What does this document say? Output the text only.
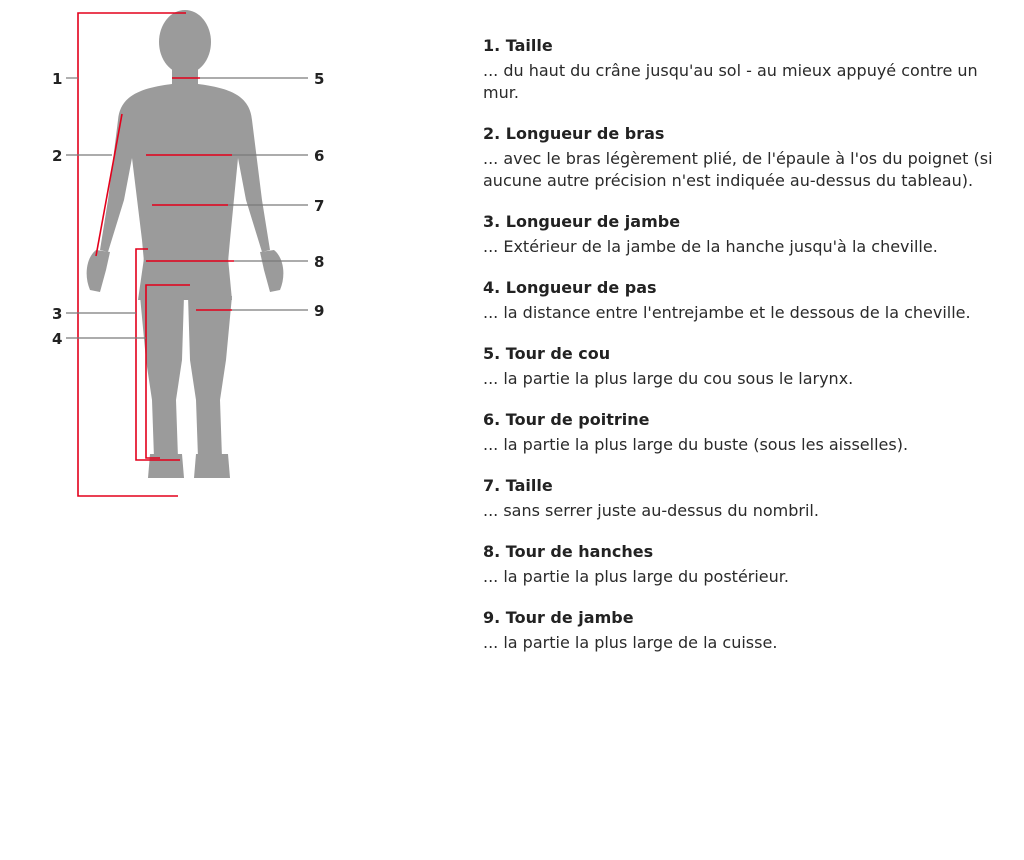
1
2
3
4
5
6
7
8
9
1. Taille
... du haut du crâne jusqu'au sol - au mieux appuyé contre un mur.
2. Longueur de bras
... avec le bras légèrement plié, de l'épaule à l'os du poignet (si aucune autre précision n'est indiquée au-dessus du tableau).
3. Longueur de jambe
... Extérieur de la jambe de la hanche jusqu'à la cheville.
4. Longueur de pas
... la distance entre l'entrejambe et le dessous de la cheville.
5. Tour de cou
... la partie la plus large du cou sous le larynx.
6. Tour de poitrine
... la partie la plus large du buste (sous les aisselles).
7. Taille
... sans serrer juste au-dessus du nombril.
8. Tour de hanches
... la partie la plus large du postérieur.
9. Tour de jambe
... la partie la plus large de la cuisse.
